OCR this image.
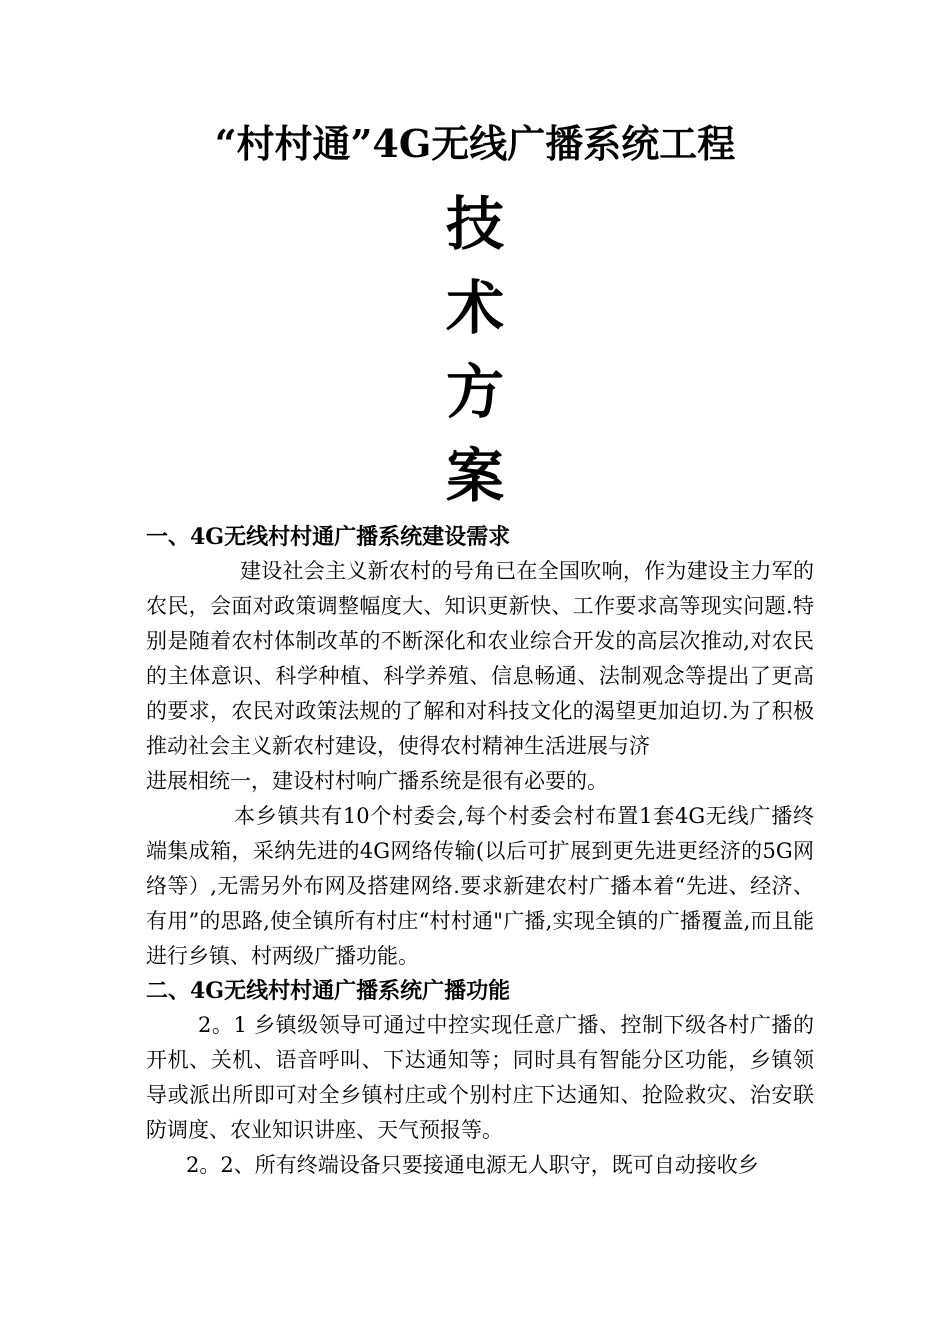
“村村通”4G无线广播系统工程
技
术
方
案
一、4G无线村村通广播系统建设需求

建设社会主义新农村的号角已在全国吹响，作为建设主力军的农民，会面对政策调整幅度大、知识更新快、工作要求高等现实问题.特别是随着农村体制改革的不断深化和农业综合开发的高层次推动,对农民的主体意识、科学种植、科学养殖、信息畅通、法制观念等提出了更高的要求，农民对政策法规的了解和对科技文化的渴望更加迫切.为了积极推动社会主义新农村建设，使得农村精神生活进展与济

进展相统一，建设村村响广播系统是很有必要的。

本乡镇共有10个村委会,每个村委会村布置1套4G无线广播终端集成箱，采纳先进的4G网络传输(以后可扩展到更先进更经济的5G网络等）,无需另外布网及搭建网络.要求新建农村广播本着“先进、经济、有用”的思路,使全镇所有村庄“村村通"广播,实现全镇的广播覆盖,而且能进行乡镇、村两级广播功能。

二、4G无线村村通广播系统广播功能

2。1 乡镇级领导可通过中控实现任意广播、控制下级各村广播的开机、关机、语音呼叫、下达通知等；同时具有智能分区功能，乡镇领导或派出所即可对全乡镇村庄或个别村庄下达通知、抢险救灾、治安联防调度、农业知识讲座、天气预报等。

2。2、所有终端设备只要接通电源无人职守，既可自动接收乡
